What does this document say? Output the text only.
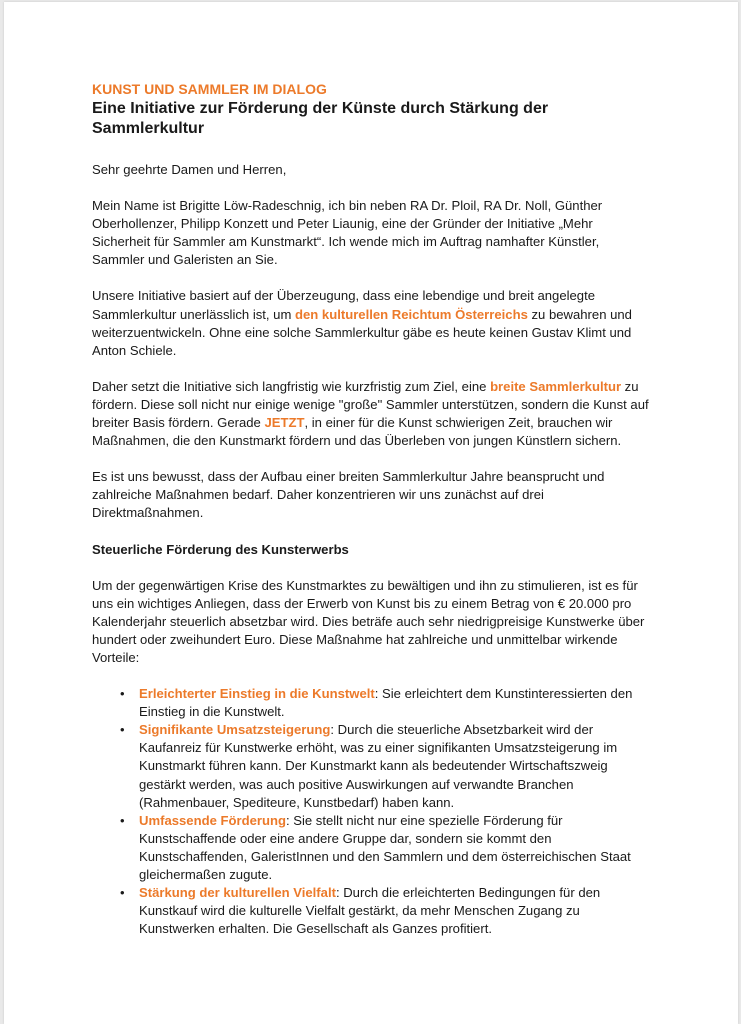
KUNST UND SAMMLER IM DIALOG
Eine Initiative zur Förderung der Künste durch Stärkung der Sammlerkultur

Sehr geehrte Damen und Herren,

Mein Name ist Brigitte Löw-Radeschnig, ich bin neben RA Dr. Ploil, RA Dr. Noll, Günther Oberhollenzer, Philipp Konzett und Peter Liaunig, eine der Gründer der Initiative „Mehr Sicherheit für Sammler am Kunstmarkt“. Ich wende mich im Auftrag namhafter Künstler, Sammler und Galeristen an Sie.

Unsere Initiative basiert auf der Überzeugung, dass eine lebendige und breit angelegte Sammlerkultur unerlässlich ist, um den kulturellen Reichtum Österreichs zu bewahren und weiterzuentwickeln. Ohne eine solche Sammlerkultur gäbe es heute keinen Gustav Klimt und Anton Schiele.

Daher setzt die Initiative sich langfristig wie kurzfristig zum Ziel, eine breite Sammlerkultur zu fördern. Diese soll nicht nur einige wenige "große" Sammler unterstützen, sondern die Kunst auf breiter Basis fördern. Gerade JETZT, in einer für die Kunst schwierigen Zeit, brauchen wir Maßnahmen, die den Kunstmarkt fördern und das Überleben von jungen Künstlern sichern.

Es ist uns bewusst, dass der Aufbau einer breiten Sammlerkultur Jahre beansprucht und zahlreiche Maßnahmen bedarf. Daher konzentrieren wir uns zunächst auf drei Direktmaßnahmen.

Steuerliche Förderung des Kunsterwerbs

Um der gegenwärtigen Krise des Kunstmarktes zu bewältigen und ihn zu stimulieren, ist es für uns ein wichtiges Anliegen, dass der Erwerb von Kunst bis zu einem Betrag von € 20.000 pro Kalenderjahr steuerlich absetzbar wird. Dies beträfe auch sehr niedrigpreisige Kunstwerke über hundert oder zweihundert Euro. Diese Maßnahme hat zahlreiche und unmittelbar wirkende Vorteile:

• Erleichterter Einstieg in die Kunstwelt: Sie erleichtert dem Kunstinteressierten den Einstieg in die Kunstwelt.
• Signifikante Umsatzsteigerung: Durch die steuerliche Absetzbarkeit wird der Kaufanreiz für Kunstwerke erhöht, was zu einer signifikanten Umsatzsteigerung im Kunstmarkt führen kann. Der Kunstmarkt kann als bedeutender Wirtschaftszweig gestärkt werden, was auch positive Auswirkungen auf verwandte Branchen (Rahmenbauer, Spediteure, Kunstbedarf) haben kann.
• Umfassende Förderung: Sie stellt nicht nur eine spezielle Förderung für Kunstschaffende oder eine andere Gruppe dar, sondern sie kommt den Kunstschaffenden, GaleristInnen und den Sammlern und dem österreichischen Staat gleichermaßen zugute.
• Stärkung der kulturellen Vielfalt: Durch die erleichterten Bedingungen für den Kunstkauf wird die kulturelle Vielfalt gestärkt, da mehr Menschen Zugang zu Kunstwerken erhalten. Die Gesellschaft als Ganzes profitiert.
